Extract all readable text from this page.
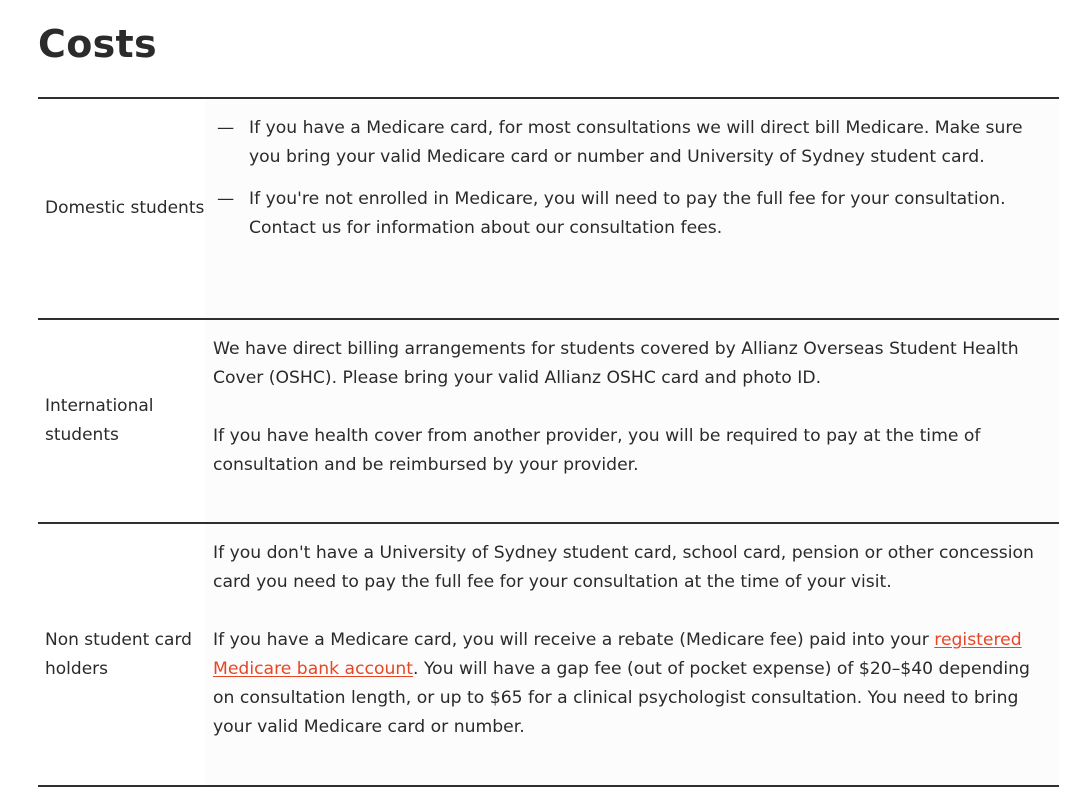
Costs
Domestic students
— If you have a Medicare card, for most consultations we will direct bill Medicare. Make sure you bring your valid Medicare card or number and University of Sydney student card.
— If you're not enrolled in Medicare, you will need to pay the full fee for your consultation. Contact us for information about our consultation fees.
International students

We have direct billing arrangements for students covered by Allianz Overseas Student Health Cover (OSHC). Please bring your valid Allianz OSHC card and photo ID.

If you have health cover from another provider, you will be required to pay at the time of consultation and be reimbursed by your provider.

Non student card holders

If you don't have a University of Sydney student card, school card, pension or other concession card you need to pay the full fee for your consultation at the time of your visit.

If you have a Medicare card, you will receive a rebate (Medicare fee) paid into your registered Medicare bank account. You will have a gap fee (out of pocket expense) of $20–$40 depending on consultation length, or up to $65 for a clinical psychologist consultation. You need to bring your valid Medicare card or number.
